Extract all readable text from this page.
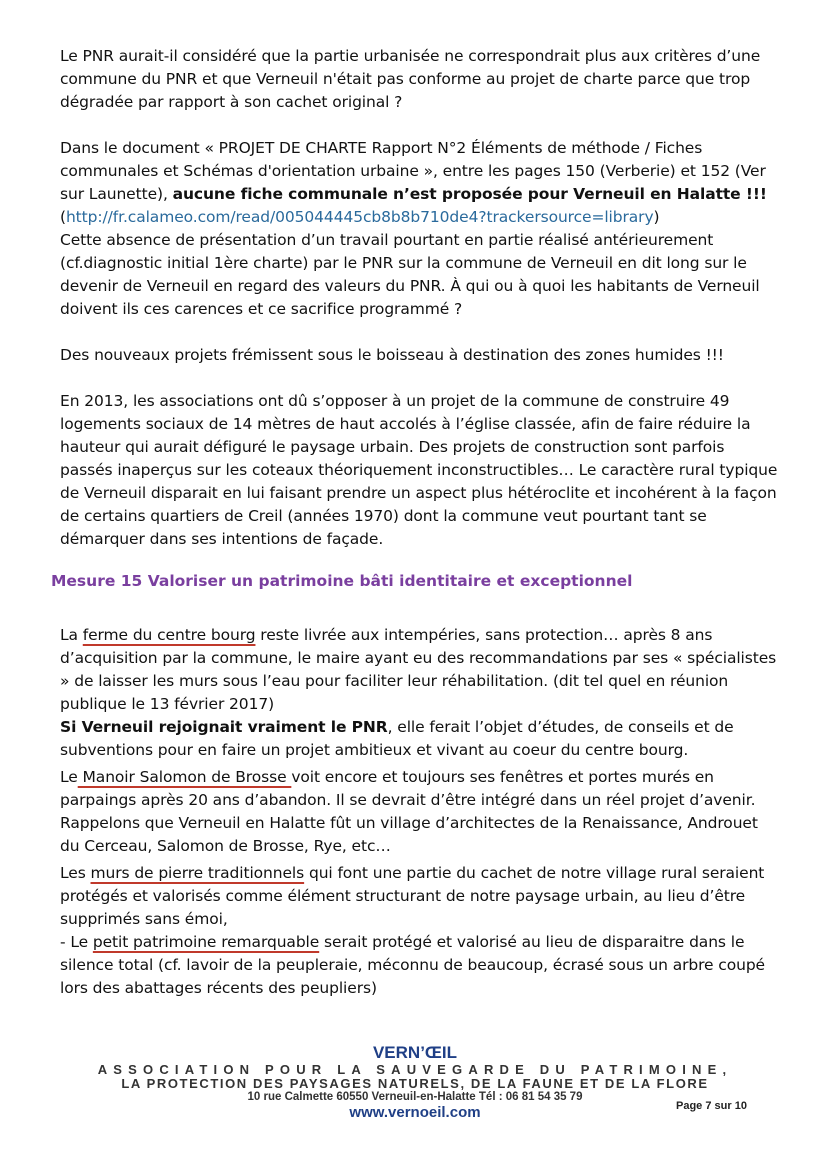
Le PNR aurait-il considéré que la partie urbanisée ne correspondrait plus aux critères d’une commune du PNR et que Verneuil n'était pas conforme au projet de charte parce que trop dégradée par rapport à son cachet original ?

Dans le document « PROJET DE CHARTE Rapport N°2 Éléments de méthode / Fiches communales et Schémas d'orientation urbaine », entre les pages 150 (Verberie) et 152 (Ver sur Launette), aucune fiche communale n’est proposée pour Verneuil en Halatte !!!
(http://fr.calameo.com/read/005044445cb8b8b710de4?trackersource=library)
Cette absence de présentation d’un travail pourtant en partie réalisé antérieurement (cf.diagnostic initial 1ère charte) par le PNR sur la commune de Verneuil en dit long sur le devenir de Verneuil en regard des valeurs du PNR. À qui ou à quoi les habitants de Verneuil doivent ils ces carences et ce sacrifice programmé ?

Des nouveaux projets frémissent sous le boisseau à destination des zones humides !!!

En 2013, les associations ont dû s’opposer à un projet de la commune de construire 49 logements sociaux de 14 mètres de haut accolés à l’église classée, afin de faire réduire la hauteur qui aurait défiguré le paysage urbain. Des projets de construction sont parfois passés inaperçus sur les coteaux théoriquement inconstructibles… Le caractère rural typique de Verneuil disparait en lui faisant prendre un aspect plus hétéroclite et incohérent à la façon de certains quartiers de Creil (années 1970) dont la commune veut pourtant tant se démarquer dans ses intentions de façade.

Mesure 15 Valoriser un patrimoine bâti identitaire et exceptionnel

La ferme du centre bourg reste livrée aux intempéries, sans protection… après 8 ans d’acquisition par la commune, le maire ayant eu des recommandations par ses « spécialistes » de laisser les murs sous l’eau pour faciliter leur réhabilitation. (dit tel quel en réunion publique le 13 février 2017)

Si Verneuil rejoignait vraiment le PNR, elle ferait l’objet d’études, de conseils et de subventions pour en faire un projet ambitieux et vivant au coeur du centre bourg.

Le Manoir Salomon de Brosse voit encore et toujours ses fenêtres et portes murés en parpaings après 20 ans d’abandon. Il se devrait d’être intégré dans un réel projet d’avenir. Rappelons que Verneuil en Halatte fût un village d’architectes de la Renaissance, Androuet du Cerceau, Salomon de Brosse, Rye, etc…

Les murs de pierre traditionnels qui font une partie du cachet de notre village rural seraient protégés et valorisés comme élément structurant de notre paysage urbain, au lieu d’être supprimés sans émoi,

- Le petit patrimoine remarquable serait protégé et valorisé au lieu de disparaitre dans le silence total (cf. lavoir de la peupleraie, méconnu de beaucoup, écrasé sous un arbre coupé lors des abattages récents des peupliers)

VERN’ŒIL
ASSOCIATION POUR LA SAUVEGARDE DU PATRIMOINE,
LA PROTECTION DES PAYSAGES NATURELS, DE LA FAUNE ET DE LA FLORE
10 rue Calmette 60550 Verneuil-en-Halatte Tél : 06 81 54 35 79
www.vernoeil.com	Page 7 sur 10
